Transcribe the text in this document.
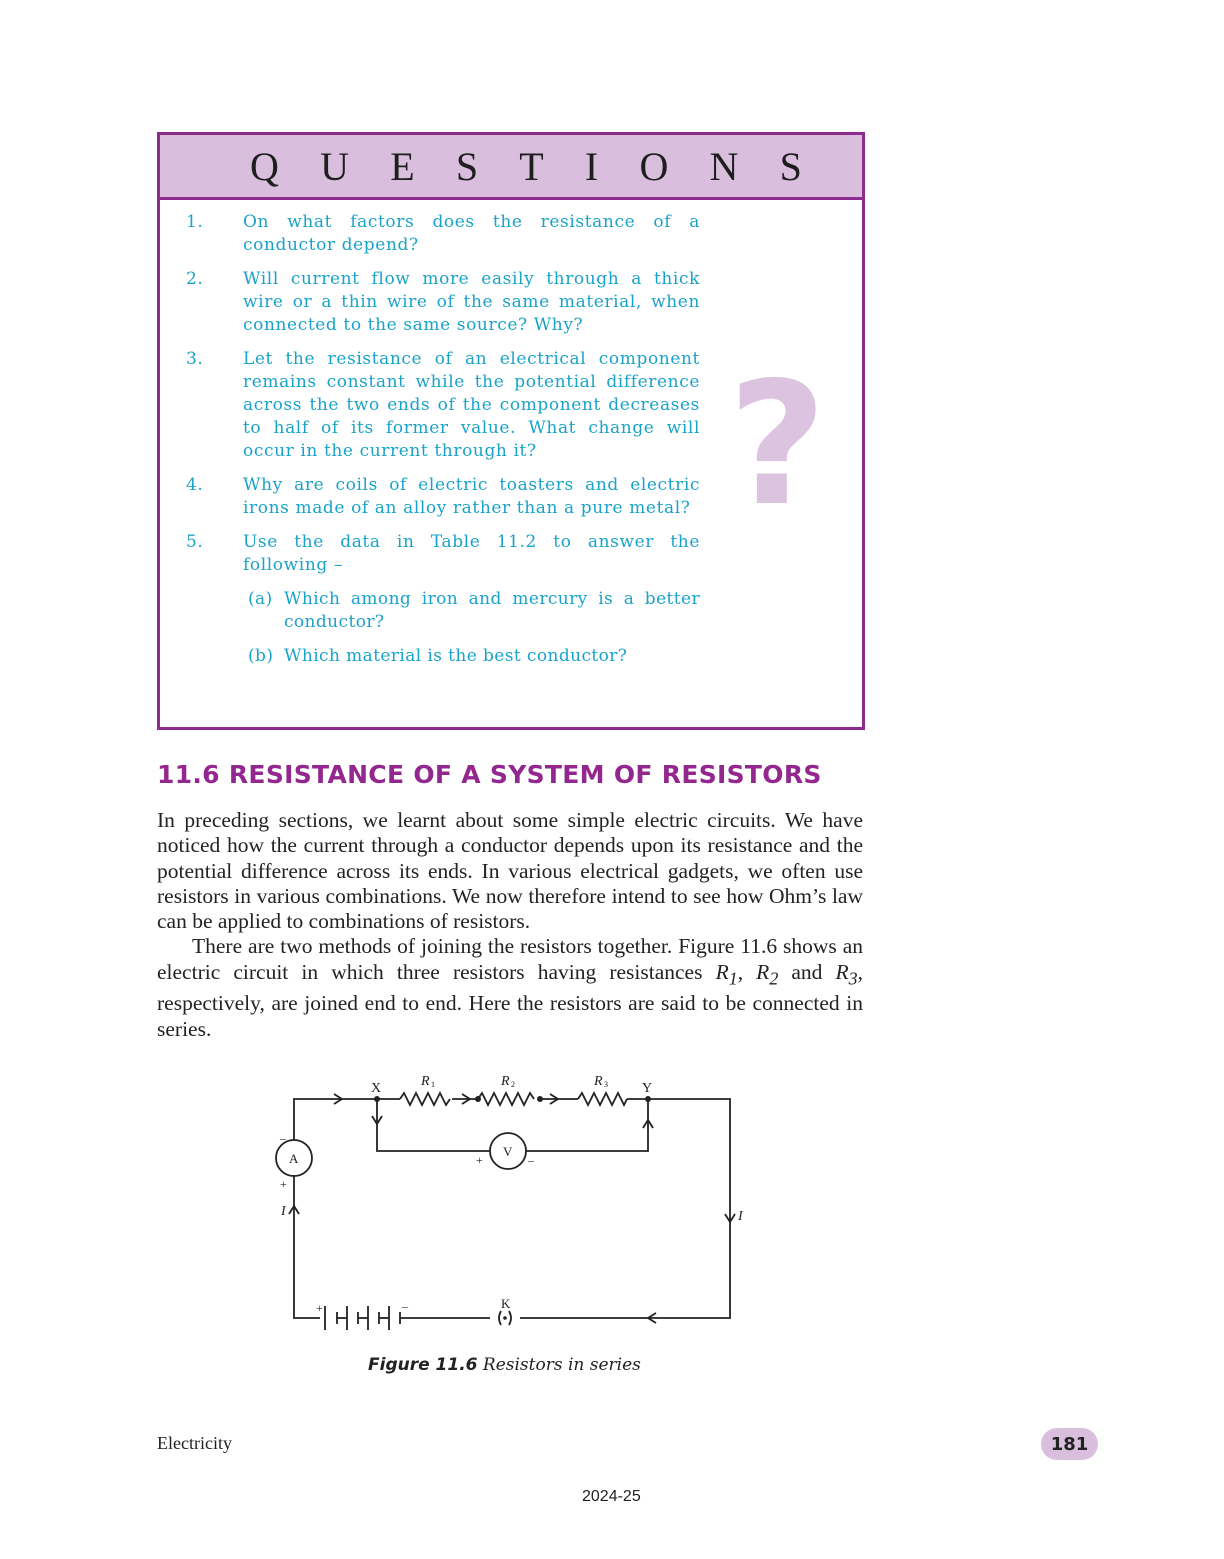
Q U E S T I O N S
1. On what factors does the resistance of a conductor depend?
2. Will current flow more easily through a thick wire or a thin wire of the same material, when connected to the same source? Why?
3. Let the resistance of an electrical component remains constant while the potential difference across the two ends of the component decreases to half of its former value. What change will occur in the current through it?
4. Why are coils of electric toasters and electric irons made of an alloy rather than a pure metal?
5. Use the data in Table 11.2 to answer the following –
(a) Which among iron and mercury is a better conductor?
(b) Which material is the best conductor?
?
11.6 RESISTANCE OF A SYSTEM OF RESISTORS

In preceding sections, we learnt about some simple electric circuits. We have noticed how the current through a conductor depends upon its resistance and the potential difference across its ends. In various electrical gadgets, we often use resistors in various combinations. We now therefore intend to see how Ohm’s law can be applied to combinations of resistors.

There are two methods of joining the resistors together. Figure 11.6 shows an electric circuit in which three resistors having resistances $R_1$, $R_2$ and $R_3$, respectively, are joined end to end. Here the resistors are said to be connected in series.

X	Y
R 1	R 2	R 3
A	V
K
I	I
–
+
+	–
+	–
Figure 11.6 Resistors in series
Electricity	181
2024-25
